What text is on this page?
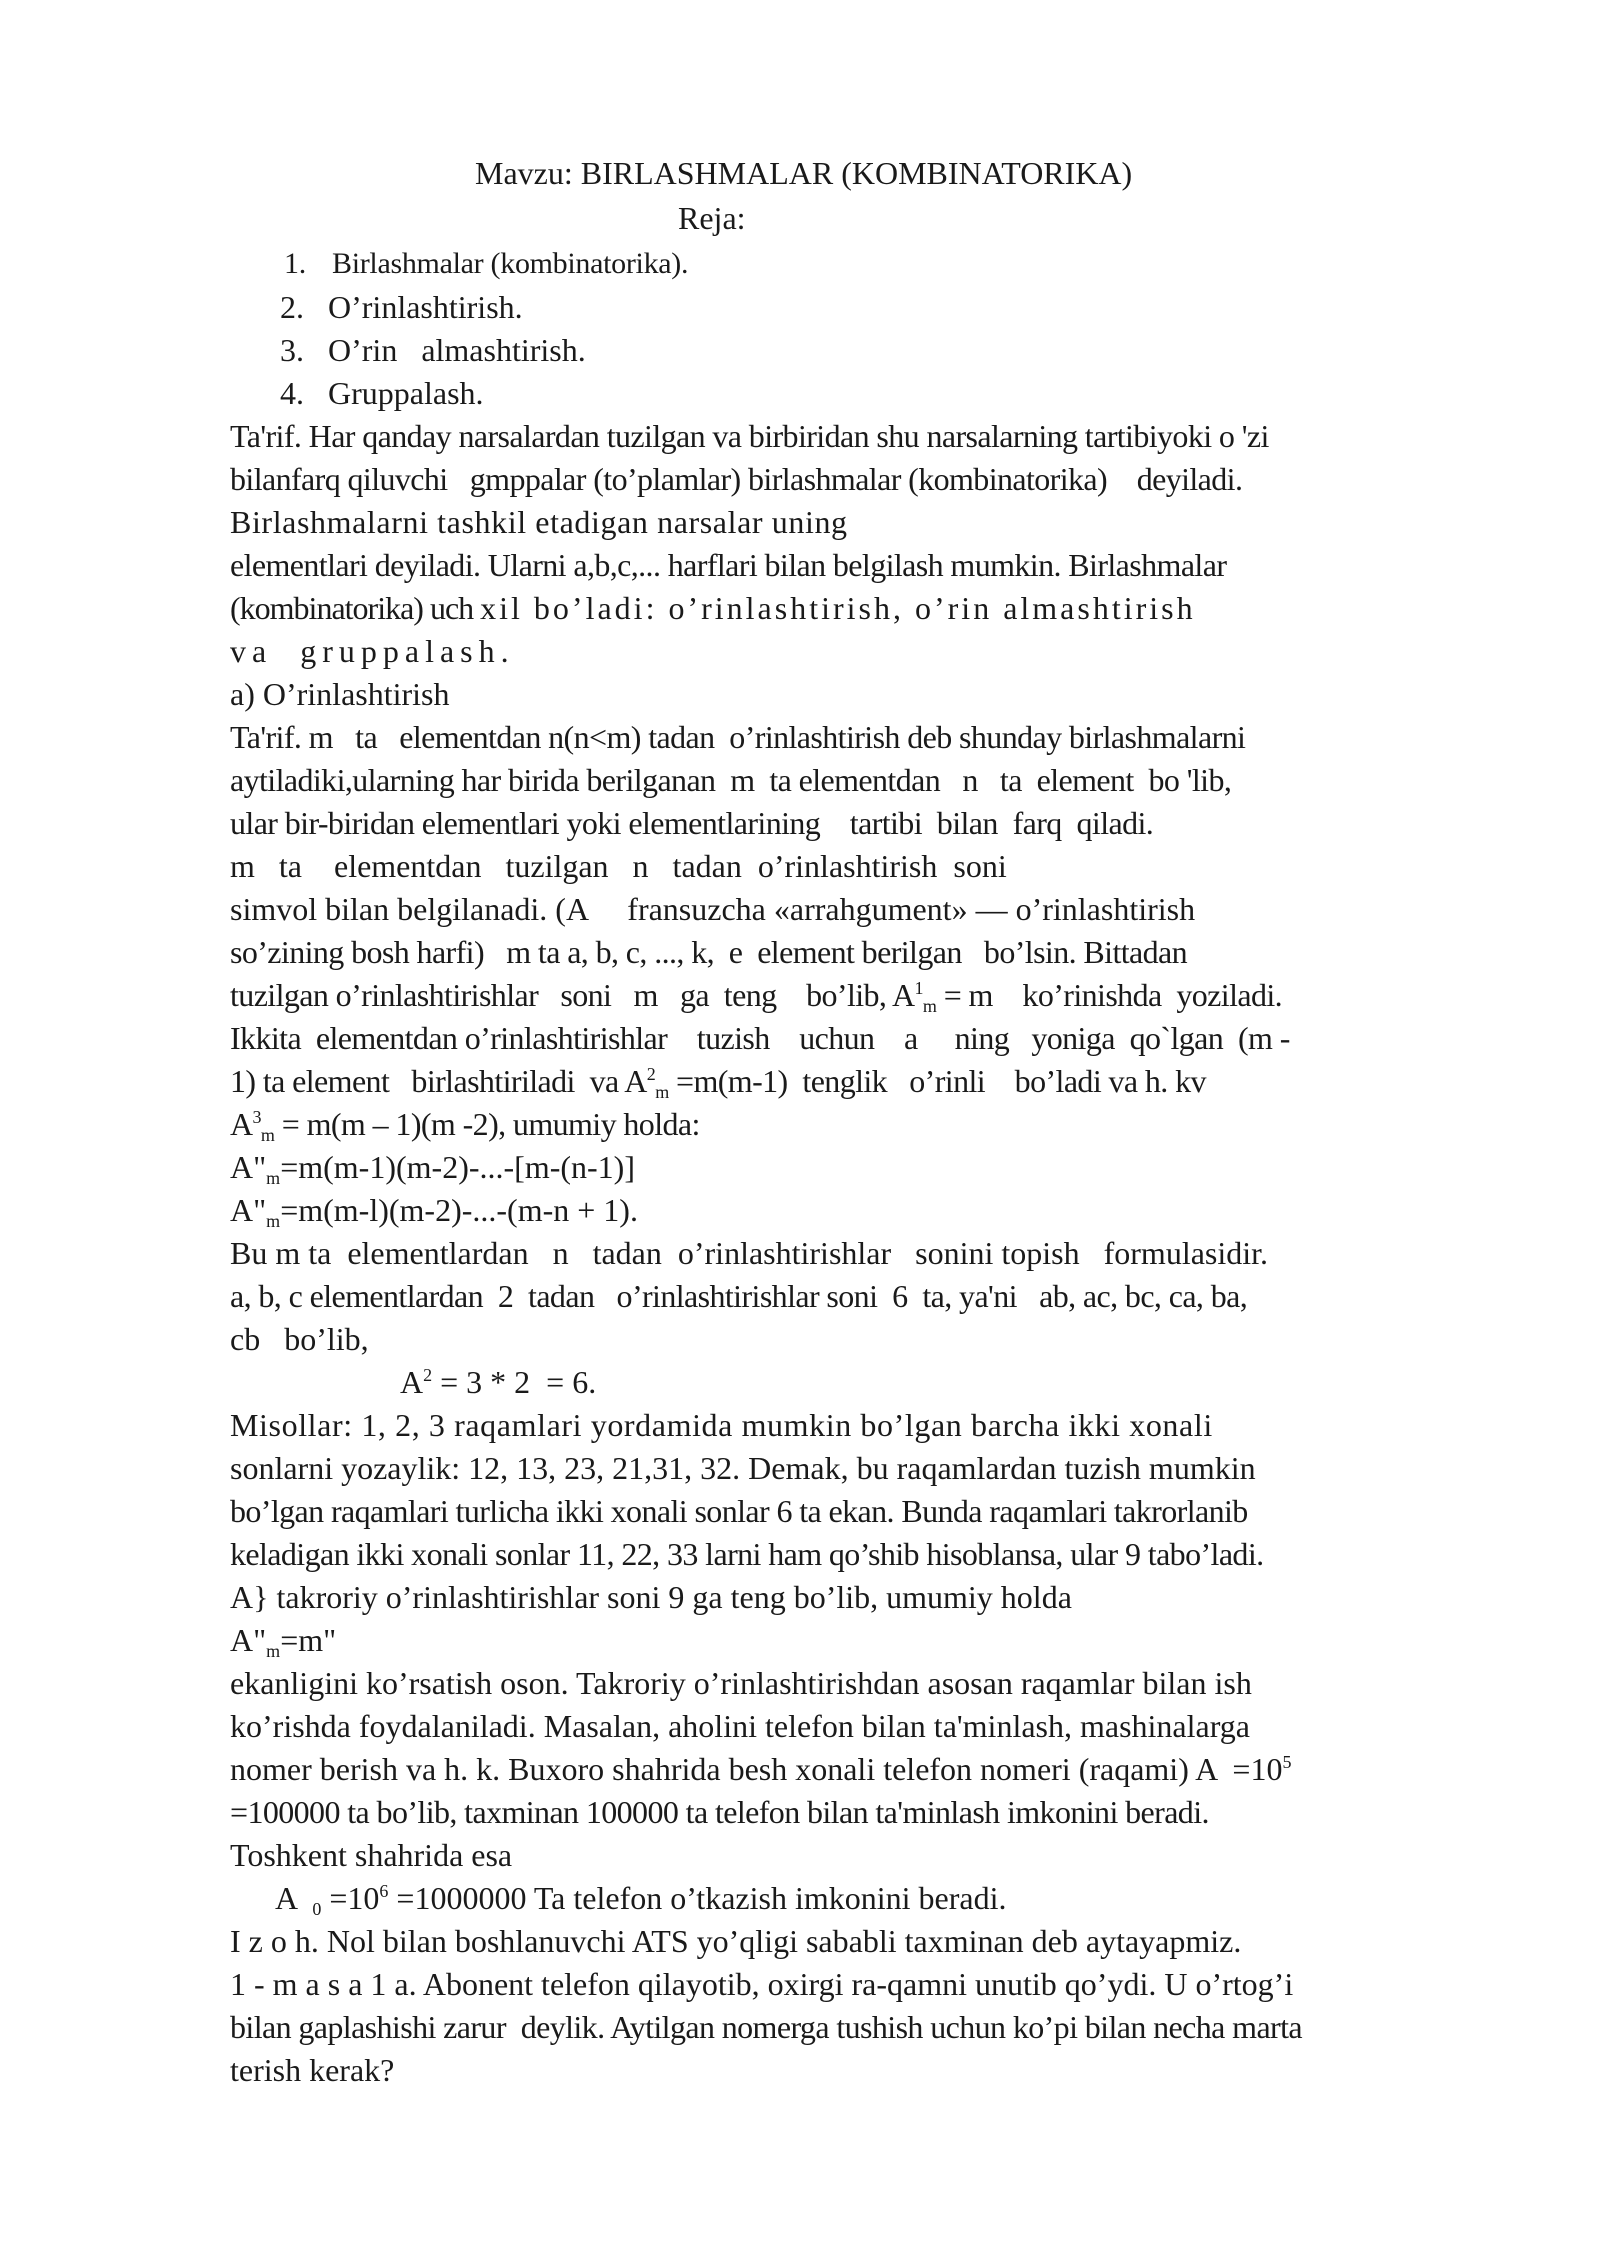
Mavzu: BIRLASHMALAR (KOMBINATORIKA)
Reja:
1. Birlashmalar (kombinatorika).
2. O’rinlashtirish.
3. O’rin   almashtirish.
4. Gruppalash.
Ta'rif. Har qanday narsalardan tuzilgan va birbiridan shu narsalarning tartibiyoki o 'zi
bilanfarq qiluvchi   gmppalar (to’plamlar) birlashmalar (kombinatorika)    deyiladi.
Birlashmalarni tashkil etadigan narsalar uning
elementlari deyiladi. Ularni a,b,c,... harflari bilan belgilash mumkin. Birlashmalar
(kombinatorika) uch xil bo’ladi: o’rinlashtirish, o’rin almashtirish
va  gruppalash.
a) O’rinlashtirish
Ta'rif. m   ta   elementdan n(n<m) tadan  o’rinlashtirish deb shunday birlashmalarni
aytiladiki,ularning har birida berilganan  m  ta elementdan   n   ta  element  bo 'lib,
ular bir-biridan elementlari yoki elementlarining    tartibi  bilan  farq  qiladi.
m   ta    elementdan   tuzilgan   n   tadan  o’rinlashtirish  soni
simvol bilan belgilanadi. (A     fransuzcha «arrahgument» — o’rinlashtirish
so’zining bosh harfi)   m ta a, b, c, ..., k,  e  element berilgan   bo’lsin. Bittadan
tuzilgan o’rinlashtirishlar   soni   m   ga  teng    bo’lib, $A^1_m = m$    ko’rinishda  yoziladi.
Ikkita  elementdan o’rinlashtirishlar    tuzish    uchun    a     ning   yoniga  qo`lgan  (m -
1) ta element   birlashtiriladi  va $A^2_m =m(m-1)$  tenglik   o’rinli    bo’ladi va h. kv
$A^3_m = m(m - 1)(m$ -2), umumiy holda:
$A"_m=m(m-1)(m-2)-...-[m-(n-1)]$
$A"_m=m(m-l)(m-2)-...-(m-n + 1)$.
Bu m ta  elementlardan   n   tadan  o’rinlashtirishlar   sonini topish   formulasidir.
a, b, c elementlardan  2  tadan   o’rinlashtirishlar soni  6  ta, ya'ni   ab, ac, bc, ca, ba,
cb   bo’lib,
$A^2 = 3 * 2 = 6$.
Misollar: 1, 2, 3 raqamlari yordamida mumkin bo’lgan barcha ikki xonali
sonlarni yozaylik: 12, 13, 23, 21,31, 32. Demak, bu raqamlardan tuzish mumkin
bo’lgan raqamlari turlicha ikki xonali sonlar 6 ta ekan. Bunda raqamlari takrorlanib
keladigan ikki xonali sonlar 11, 22, 33 larni ham qo’shib hisoblansa, ular 9 tabo’ladi.
A} takroriy o’rinlashtirishlar soni 9 ga teng bo’lib, umumiy holda
$A"_m=m$"
ekanligini ko’rsatish oson. Takroriy o’rinlashtirishdan asosan raqamlar bilan ish
ko’rishda foydalaniladi. Masalan, aholini telefon bilan ta'minlash, mashinalarga
nomer berish va h. k. Buxoro shahrida besh xonali telefon nomeri (raqami) $A =10^5$
=100000 ta bo’lib, taxminan 100000 ta telefon bilan ta'minlash imkonini beradi.
Toshkent shahrida esa
A  $_0 =10^6 =1000000$ Ta telefon o’tkazish imkonini beradi.
I z o h. Nol bilan boshlanuvchi ATS yo’qligi sababli taxminan deb aytayapmiz.
1 - m a s a 1 a. Abonent telefon qilayotib, oxirgi ra-qamni unutib qo’ydi. U o’rtog’i
bilan gaplashishi zarur  deylik. Aytilgan nomerga tushish uchun ko’pi bilan necha marta
terish kerak?
